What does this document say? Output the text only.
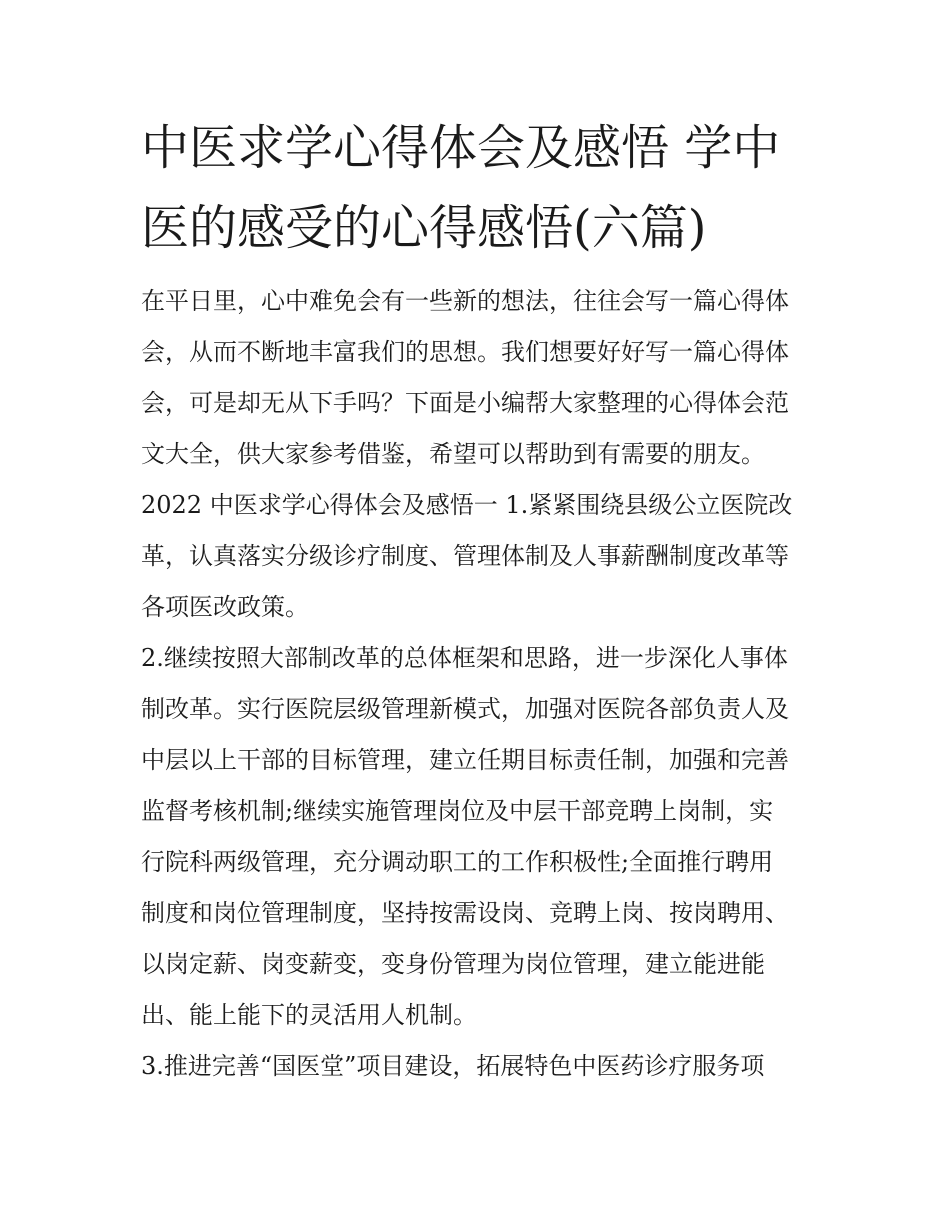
中医求学心得体会及感悟 学中
医的感受的心得感悟(六篇)
在平日里，心中难免会有一些新的想法，往往会写一篇心得体
会，从而不断地丰富我们的思想。我们想要好好写一篇心得体
会，可是却无从下手吗？下面是小编帮大家整理的心得体会范
文大全，供大家参考借鉴，希望可以帮助到有需要的朋友。
2022 中医求学心得体会及感悟一 1.紧紧围绕县级公立医院改
革，认真落实分级诊疗制度、管理体制及人事薪酬制度改革等
各项医改政策。
2.继续按照大部制改革的总体框架和思路，进一步深化人事体
制改革。实行医院层级管理新模式，加强对医院各部负责人及
中层以上干部的目标管理，建立任期目标责任制，加强和完善
监督考核机制;继续实施管理岗位及中层干部竞聘上岗制，实
行院科两级管理，充分调动职工的工作积极性;全面推行聘用
制度和岗位管理制度，坚持按需设岗、竞聘上岗、按岗聘用、
以岗定薪、岗变薪变，变身份管理为岗位管理，建立能进能
出、能上能下的灵活用人机制。
3.推进完善“国医堂”项目建设，拓展特色中医药诊疗服务项
